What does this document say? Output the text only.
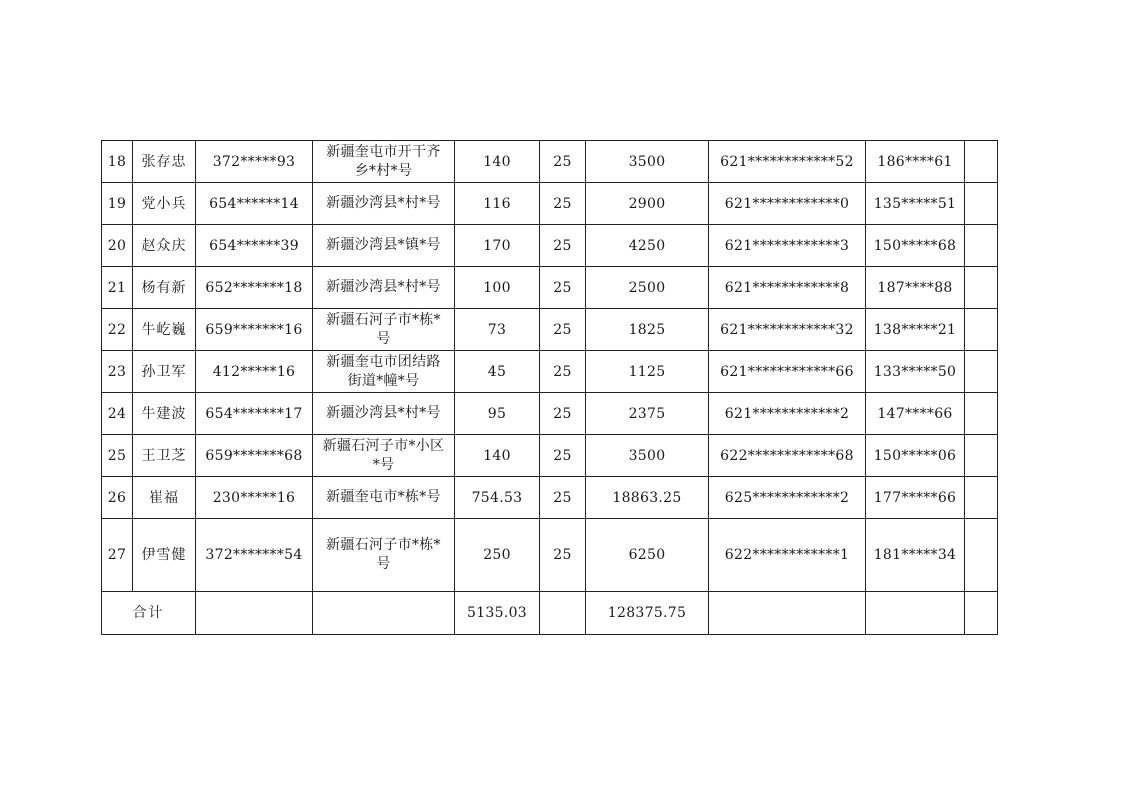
18	张存忠	372*****93	新疆奎屯市开干齐乡*村*号	140	25	3500	621************52	186****61	
19	党小兵	654******14	新疆沙湾县*村*号	116	25	2900	621************0	135*****51	
20	赵众庆	654******39	新疆沙湾县*镇*号	170	25	4250	621************3	150*****68	
21	杨有新	652*******18	新疆沙湾县*村*号	100	25	2500	621************8	187****88	
22	牛屹巍	659*******16	新疆石河子市*栋*号	73	25	1825	621************32	138*****21	
23	孙卫军	412*****16	新疆奎屯市团结路街道*幢*号	45	25	1125	621************66	133*****50	
24	牛建波	654*******17	新疆沙湾县*村*号	95	25	2375	621************2	147****66	
25	王卫芝	659*******68	新疆石河子市*小区*号	140	25	3500	622************68	150*****06	
26	崔福	230*****16	新疆奎屯市*栋*号	754.53	25	18863.25	625************2	177*****66	
27	伊雪健	372*******54	新疆石河子市*栋*号	250	25	6250	622************1	181*****34	
合计				5135.03		128375.75			
